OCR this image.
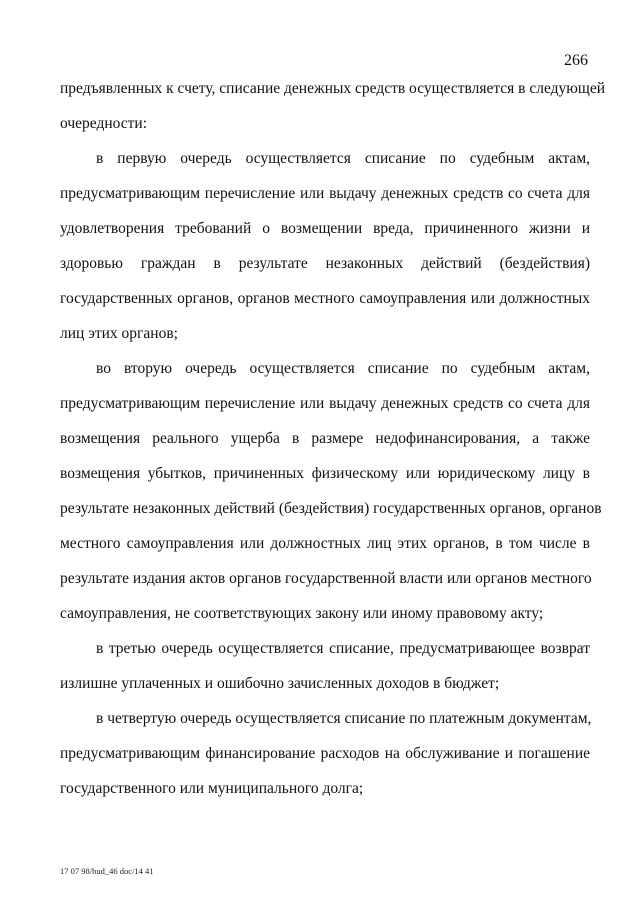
266
предъявленных к счету, списание денежных средств осуществляется в следующей
очередности:
в первую очередь осуществляется списание по судебным актам,
предусматривающим перечисление или выдачу денежных средств со счета для
удовлетворения требований о возмещении вреда, причиненного жизни и
здоровью граждан в результате незаконных действий (бездействия)
государственных органов, органов местного самоуправления или должностных
лиц этих органов;
во вторую очередь осуществляется списание по судебным актам,
предусматривающим перечисление или выдачу денежных средств со счета для
возмещения реального ущерба в размере недофинансирования, а также
возмещения убытков, причиненных физическому или юридическому лицу в
результате незаконных действий (бездействия) государственных органов, органов
местного самоуправления или должностных лиц этих органов, в том числе в
результате издания актов органов государственной власти или органов местного
самоуправления, не соответствующих закону или иному правовому акту;
в третью очередь осуществляется списание, предусматривающее возврат
излишне уплаченных и ошибочно зачисленных доходов в бюджет;
в четвертую очередь осуществляется списание по платежным документам,
предусматривающим финансирование расходов на обслуживание и погашение
государственного или муниципального долга;
17 07 98/bud_46 doc/14 41
